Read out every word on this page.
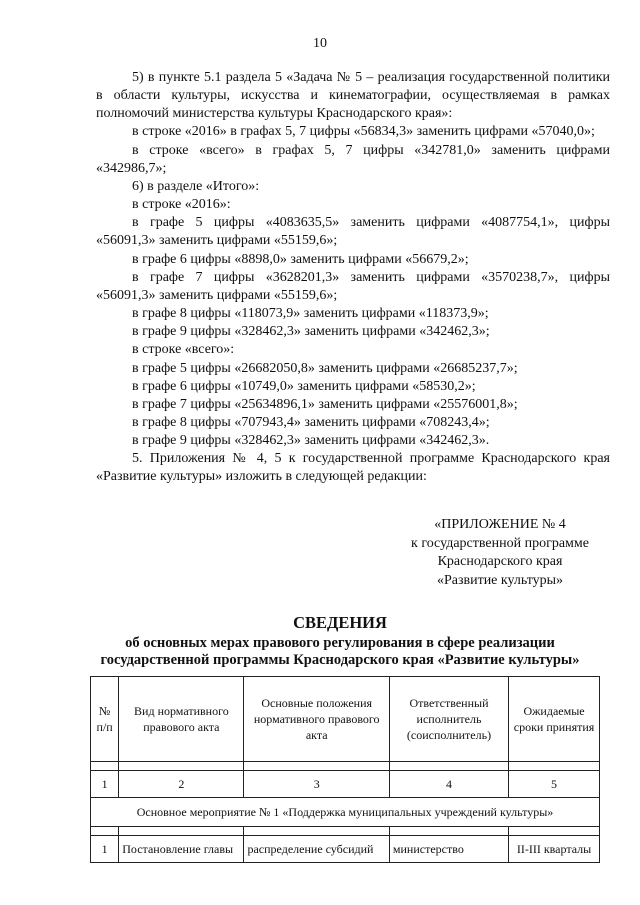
10

5) в пункте 5.1 раздела 5 «Задача № 5 – реализация государственной политики в области культуры, искусства и кинематографии, осуществляемая в рамках полномочий министерства культуры Краснодарского края»:

в строке «2016» в графах 5, 7 цифры «56834,3» заменить цифрами «57040,0»;

в строке «всего» в графах 5, 7 цифры «342781,0» заменить цифрами «342986,7»;

6) в разделе «Итого»:

в строке «2016»:

в графе 5 цифры «4083635,5» заменить цифрами «4087754,1», цифры «56091,3» заменить цифрами «55159,6»;

в графе 6 цифры «8898,0» заменить цифрами «56679,2»;

в графе 7 цифры «3628201,3» заменить цифрами «3570238,7», цифры «56091,3» заменить цифрами «55159,6»;

в графе 8 цифры «118073,9» заменить цифрами «118373,9»;

в графе 9 цифры «328462,3» заменить цифрами «342462,3»;

в строке «всего»:

в графе 5 цифры «26682050,8» заменить цифрами «26685237,7»;

в графе 6 цифры «10749,0» заменить цифрами «58530,2»;

в графе 7 цифры «25634896,1» заменить цифрами «25576001,8»;

в графе 8 цифры «707943,4» заменить цифрами «708243,4»;

в графе 9 цифры «328462,3» заменить цифрами «342462,3».

5. Приложения № 4, 5 к государственной программе Краснодарского края «Развитие культуры» изложить в следующей редакции:

«ПРИЛОЖЕНИЕ № 4
к государственной программе
Краснодарского края
«Развитие культуры»
СВЕДЕНИЯ
об основных мерах правового регулирования в сфере реализации
государственной программы Краснодарского края «Развитие культуры»
№ п/п	Вид нормативного правового акта	Основные положения нормативного правового акта	Ответственный исполнитель (соисполнитель)	Ожидаемые сроки принятия

1	2	3	4	5
Основное мероприятие № 1 «Поддержка муниципальных учреждений культуры»				

1	Постановление главы	распределение субсидий	министерство	II-III кварталы
